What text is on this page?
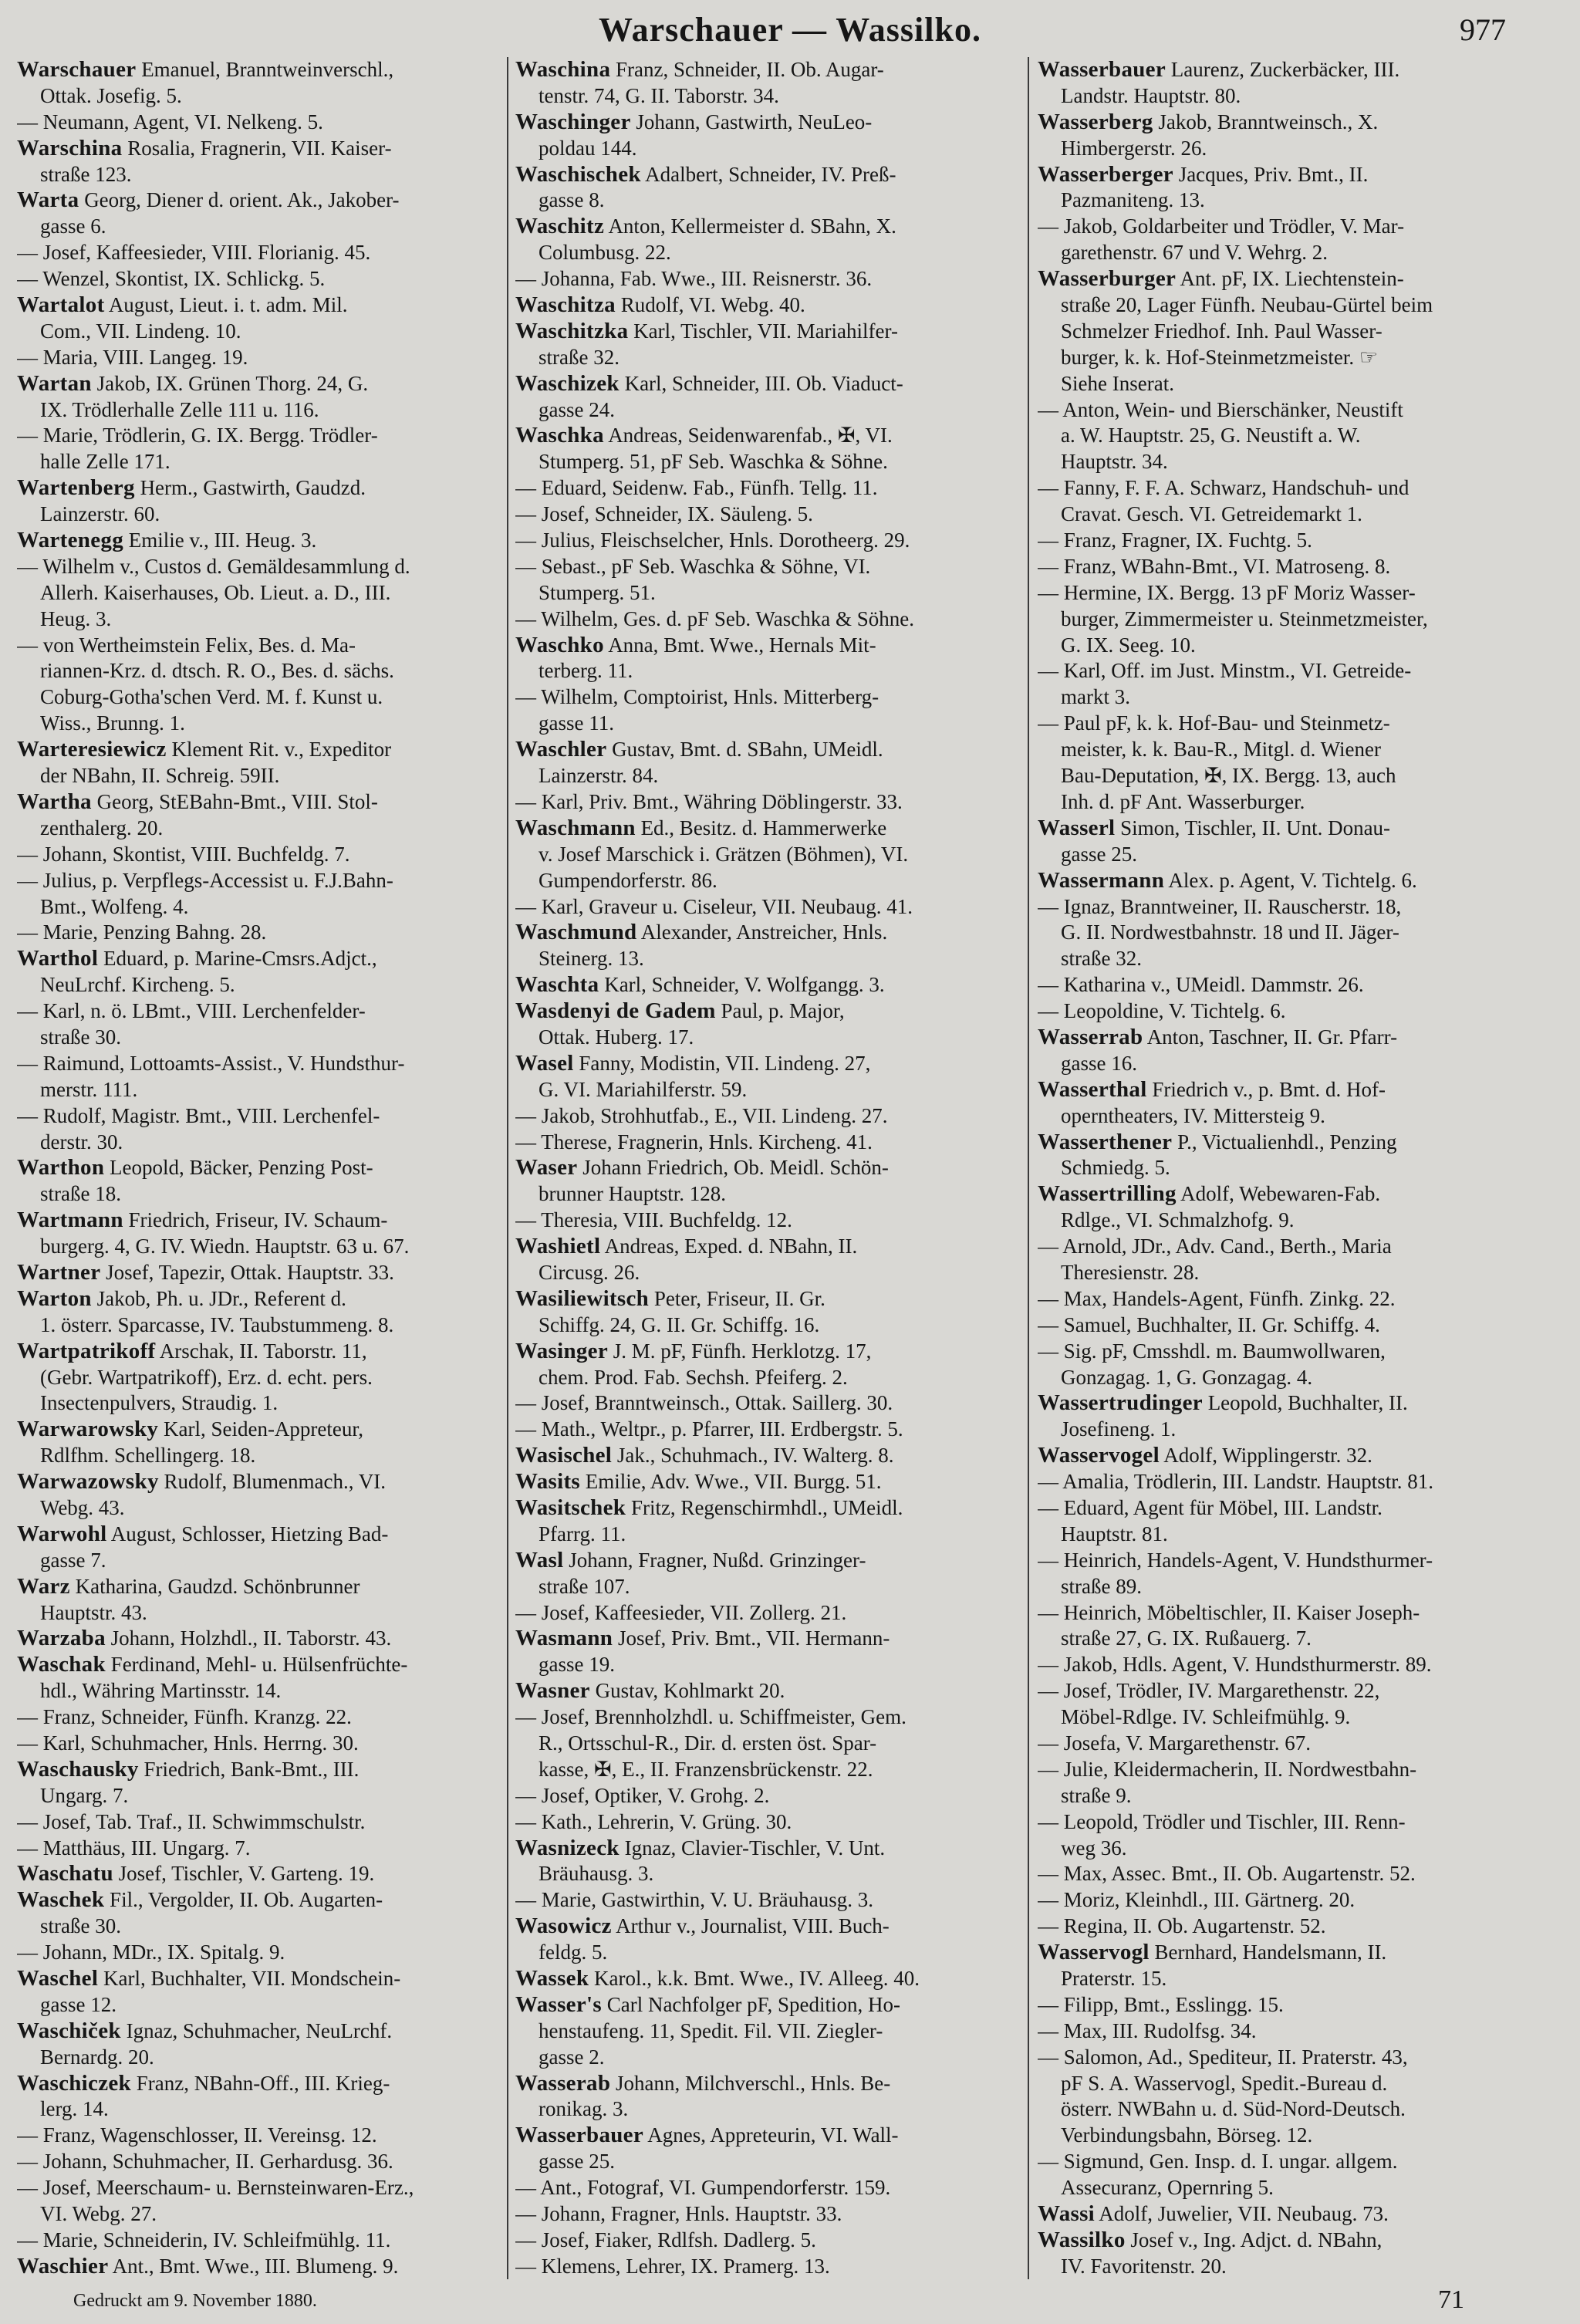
Warschauer — Wassilko.	977
Warschauer Emanuel, Branntweinverschl.,
Ottak. Josefig. 5.
— Neumann, Agent, VI. Nelkeng. 5.
Warschina Rosalia, Fragnerin, VII. Kaiser-
straße 123.
Warta Georg, Diener d. orient. Ak., Jakober-
gasse 6.
— Josef, Kaffeesieder, VIII. Florianig. 45.
— Wenzel, Skontist, IX. Schlickg. 5.
Wartalot August, Lieut. i. t. adm. Mil.
Com., VII. Lindeng. 10.
— Maria, VIII. Langeg. 19.
Wartan Jakob, IX. Grünen Thorg. 24, G.
IX. Trödlerhalle Zelle 111 u. 116.
— Marie, Trödlerin, G. IX. Bergg. Trödler-
halle Zelle 171.
Wartenberg Herm., Gastwirth, Gaudzd.
Lainzerstr. 60.
Wartenegg Emilie v., III. Heug. 3.
— Wilhelm v., Custos d. Gemäldesammlung d.
Allerh. Kaiserhauses, Ob. Lieut. a. D., III.
Heug. 3.
— von Wertheimstein Felix, Bes. d. Ma-
riannen-Krz. d. dtsch. R. O., Bes. d. sächs.
Coburg-Gotha'schen Verd. M. f. Kunst u.
Wiss., Brunng. 1.
Warteresiewicz Klement Rit. v., Expeditor
der NBahn, II. Schreig. 59II.
Wartha Georg, StEBahn-Bmt., VIII. Stol-
zenthalerg. 20.
— Johann, Skontist, VIII. Buchfeldg. 7.
— Julius, p. Verpflegs-Accessist u. F.J.Bahn-
Bmt., Wolfeng. 4.
— Marie, Penzing Bahng. 28.
Warthol Eduard, p. Marine-Cmsrs.Adjct.,
NeuLrchf. Kircheng. 5.
— Karl, n. ö. LBmt., VIII. Lerchenfelder-
straße 30.
— Raimund, Lottoamts-Assist., V. Hundsthur-
merstr. 111.
— Rudolf, Magistr. Bmt., VIII. Lerchenfel-
derstr. 30.
Warthon Leopold, Bäcker, Penzing Post-
straße 18.
Wartmann Friedrich, Friseur, IV. Schaum-
burgerg. 4, G. IV. Wiedn. Hauptstr. 63 u. 67.
Wartner Josef, Tapezir, Ottak. Hauptstr. 33.
Warton Jakob, Ph. u. JDr., Referent d.
1. österr. Sparcasse, IV. Taubstummeng. 8.
Wartpatrikoff Arschak, II. Taborstr. 11,
(Gebr. Wartpatrikoff), Erz. d. echt. pers.
Insectenpulvers, Straudig. 1.
Warwarowsky Karl, Seiden-Appreteur,
Rdlfhm. Schellingerg. 18.
Warwazowsky Rudolf, Blumenmach., VI.
Webg. 43.
Warwohl August, Schlosser, Hietzing Bad-
gasse 7.
Warz Katharina, Gaudzd. Schönbrunner
Hauptstr. 43.
Warzaba Johann, Holzhdl., II. Taborstr. 43.
Waschak Ferdinand, Mehl- u. Hülsenfrüchte-
hdl., Währing Martinsstr. 14.
— Franz, Schneider, Fünfh. Kranzg. 22.
— Karl, Schuhmacher, Hnls. Herrng. 30.
Waschausky Friedrich, Bank-Bmt., III.
Ungarg. 7.
— Josef, Tab. Traf., II. Schwimmschulstr.
— Matthäus, III. Ungarg. 7.
Waschatu Josef, Tischler, V. Garteng. 19.
Waschek Fil., Vergolder, II. Ob. Augarten-
straße 30.
— Johann, MDr., IX. Spitalg. 9.
Waschel Karl, Buchhalter, VII. Mondschein-
gasse 12.
Waschiček Ignaz, Schuhmacher, NeuLrchf.
Bernardg. 20.
Waschiczek Franz, NBahn-Off., III. Krieg-
lerg. 14.
— Franz, Wagenschlosser, II. Vereinsg. 12.
— Johann, Schuhmacher, II. Gerhardusg. 36.
— Josef, Meerschaum- u. Bernsteinwaren-Erz.,
VI. Webg. 27.
— Marie, Schneiderin, IV. Schleifmühlg. 11.
Waschier Ant., Bmt. Wwe., III. Blumeng. 9.
Waschina Franz, Schneider, II. Ob. Augar-
tenstr. 74, G. II. Taborstr. 34.
Waschinger Johann, Gastwirth, NeuLeo-
poldau 144.
Waschischek Adalbert, Schneider, IV. Preß-
gasse 8.
Waschitz Anton, Kellermeister d. SBahn, X.
Columbusg. 22.
— Johanna, Fab. Wwe., III. Reisnerstr. 36.
Waschitza Rudolf, VI. Webg. 40.
Waschitzka Karl, Tischler, VII. Mariahilfer-
straße 32.
Waschizek Karl, Schneider, III. Ob. Viaduct-
gasse 24.
Waschka Andreas, Seidenwarenfab., ✠, VI.
Stumperg. 51, pF Seb. Waschka & Söhne.
— Eduard, Seidenw. Fab., Fünfh. Tellg. 11.
— Josef, Schneider, IX. Säuleng. 5.
— Julius, Fleischselcher, Hnls. Dorotheerg. 29.
— Sebast., pF Seb. Waschka & Söhne, VI.
Stumperg. 51.
— Wilhelm, Ges. d. pF Seb. Waschka & Söhne.
Waschko Anna, Bmt. Wwe., Hernals Mit-
terberg. 11.
— Wilhelm, Comptoirist, Hnls. Mitterberg-
gasse 11.
Waschler Gustav, Bmt. d. SBahn, UMeidl.
Lainzerstr. 84.
— Karl, Priv. Bmt., Währing Döblingerstr. 33.
Waschmann Ed., Besitz. d. Hammerwerke
v. Josef Marschick i. Grätzen (Böhmen), VI.
Gumpendorferstr. 86.
— Karl, Graveur u. Ciseleur, VII. Neubaug. 41.
Waschmund Alexander, Anstreicher, Hnls.
Steinerg. 13.
Waschta Karl, Schneider, V. Wolfgangg. 3.
Wasdenyi de Gadem Paul, p. Major,
Ottak. Huberg. 17.
Wasel Fanny, Modistin, VII. Lindeng. 27,
G. VI. Mariahilferstr. 59.
— Jakob, Strohhutfab., E., VII. Lindeng. 27.
— Therese, Fragnerin, Hnls. Kircheng. 41.
Waser Johann Friedrich, Ob. Meidl. Schön-
brunner Hauptstr. 128.
— Theresia, VIII. Buchfeldg. 12.
Washietl Andreas, Exped. d. NBahn, II.
Circusg. 26.
Wasiliewitsch Peter, Friseur, II. Gr.
Schiffg. 24, G. II. Gr. Schiffg. 16.
Wasinger J. M. pF, Fünfh. Herklotzg. 17,
chem. Prod. Fab. Sechsh. Pfeiferg. 2.
— Josef, Branntweinsch., Ottak. Saillerg. 30.
— Math., Weltpr., p. Pfarrer, III. Erdbergstr. 5.
Wasischel Jak., Schuhmach., IV. Walterg. 8.
Wasits Emilie, Adv. Wwe., VII. Burgg. 51.
Wasitschek Fritz, Regenschirmhdl., UMeidl.
Pfarrg. 11.
Wasl Johann, Fragner, Nußd. Grinzinger-
straße 107.
— Josef, Kaffeesieder, VII. Zollerg. 21.
Wasmann Josef, Priv. Bmt., VII. Hermann-
gasse 19.
Wasner Gustav, Kohlmarkt 20.
— Josef, Brennholzhdl. u. Schiffmeister, Gem.
R., Ortsschul-R., Dir. d. ersten öst. Spar-
kasse, ✠, E., II. Franzensbrückenstr. 22.
— Josef, Optiker, V. Grohg. 2.
— Kath., Lehrerin, V. Grüng. 30.
Wasnizeck Ignaz, Clavier-Tischler, V. Unt.
Bräuhausg. 3.
— Marie, Gastwirthin, V. U. Bräuhausg. 3.
Wasowicz Arthur v., Journalist, VIII. Buch-
feldg. 5.
Wassek Karol., k.k. Bmt. Wwe., IV. Alleeg. 40.
Wasser's Carl Nachfolger pF, Spedition, Ho-
henstaufeng. 11, Spedit. Fil. VII. Ziegler-
gasse 2.
Wasserab Johann, Milchverschl., Hnls. Be-
ronikag. 3.
Wasserbauer Agnes, Appreteurin, VI. Wall-
gasse 25.
— Ant., Fotograf, VI. Gumpendorferstr. 159.
— Johann, Fragner, Hnls. Hauptstr. 33.
— Josef, Fiaker, Rdlfsh. Dadlerg. 5.
— Klemens, Lehrer, IX. Pramerg. 13.
Wasserbauer Laurenz, Zuckerbäcker, III.
Landstr. Hauptstr. 80.
Wasserberg Jakob, Branntweinsch., X.
Himbergerstr. 26.
Wasserberger Jacques, Priv. Bmt., II.
Pazmaniteng. 13.
— Jakob, Goldarbeiter und Trödler, V. Mar-
garethenstr. 67 und V. Wehrg. 2.
Wasserburger Ant. pF, IX. Liechtenstein-
straße 20, Lager Fünfh. Neubau-Gürtel beim
Schmelzer Friedhof. Inh. Paul Wasser-
burger, k. k. Hof-Steinmetzmeister. ☞
Siehe Inserat.
— Anton, Wein- und Bierschänker, Neustift
a. W. Hauptstr. 25, G. Neustift a. W.
Hauptstr. 34.
— Fanny, F. F. A. Schwarz, Handschuh- und
Cravat. Gesch. VI. Getreidemarkt 1.
— Franz, Fragner, IX. Fuchtg. 5.
— Franz, WBahn-Bmt., VI. Matroseng. 8.
— Hermine, IX. Bergg. 13 pF Moriz Wasser-
burger, Zimmermeister u. Steinmetzmeister,
G. IX. Seeg. 10.
— Karl, Off. im Just. Minstm., VI. Getreide-
markt 3.
— Paul pF, k. k. Hof-Bau- und Steinmetz-
meister, k. k. Bau-R., Mitgl. d. Wiener
Bau-Deputation, ✠, IX. Bergg. 13, auch
Inh. d. pF Ant. Wasserburger.
Wasserl Simon, Tischler, II. Unt. Donau-
gasse 25.
Wassermann Alex. p. Agent, V. Tichtelg. 6.
— Ignaz, Branntweiner, II. Rauscherstr. 18,
G. II. Nordwestbahnstr. 18 und II. Jäger-
straße 32.
— Katharina v., UMeidl. Dammstr. 26.
— Leopoldine, V. Tichtelg. 6.
Wasserrab Anton, Taschner, II. Gr. Pfarr-
gasse 16.
Wasserthal Friedrich v., p. Bmt. d. Hof-
operntheaters, IV. Mittersteig 9.
Wasserthener P., Victualienhdl., Penzing
Schmiedg. 5.
Wassertrilling Adolf, Webewaren-Fab.
Rdlge., VI. Schmalzhofg. 9.
— Arnold, JDr., Adv. Cand., Berth., Maria
Theresienstr. 28.
— Max, Handels-Agent, Fünfh. Zinkg. 22.
— Samuel, Buchhalter, II. Gr. Schiffg. 4.
— Sig. pF, Cmsshdl. m. Baumwollwaren,
Gonzagag. 1, G. Gonzagag. 4.
Wassertrudinger Leopold, Buchhalter, II.
Josefineng. 1.
Wasservogel Adolf, Wipplingerstr. 32.
— Amalia, Trödlerin, III. Landstr. Hauptstr. 81.
— Eduard, Agent für Möbel, III. Landstr.
Hauptstr. 81.
— Heinrich, Handels-Agent, V. Hundsthurmer-
straße 89.
— Heinrich, Möbeltischler, II. Kaiser Joseph-
straße 27, G. IX. Rußauerg. 7.
— Jakob, Hdls. Agent, V. Hundsthurmerstr. 89.
— Josef, Trödler, IV. Margarethenstr. 22,
Möbel-Rdlge. IV. Schleifmühlg. 9.
— Josefa, V. Margarethenstr. 67.
— Julie, Kleidermacherin, II. Nordwestbahn-
straße 9.
— Leopold, Trödler und Tischler, III. Renn-
weg 36.
— Max, Assec. Bmt., II. Ob. Augartenstr. 52.
— Moriz, Kleinhdl., III. Gärtnerg. 20.
— Regina, II. Ob. Augartenstr. 52.
Wasservogl Bernhard, Handelsmann, II.
Praterstr. 15.
— Filipp, Bmt., Esslingg. 15.
— Max, III. Rudolfsg. 34.
— Salomon, Ad., Spediteur, II. Praterstr. 43,
pF S. A. Wasservogl, Spedit.-Bureau d.
österr. NWBahn u. d. Süd-Nord-Deutsch.
Verbindungsbahn, Börseg. 12.
— Sigmund, Gen. Insp. d. I. ungar. allgem.
Assecuranz, Opernring 5.
Wassi Adolf, Juwelier, VII. Neubaug. 73.
Wassilko Josef v., Ing. Adjct. d. NBahn,
IV. Favoritenstr. 20.
Gedruckt am 9. November 1880.	71
